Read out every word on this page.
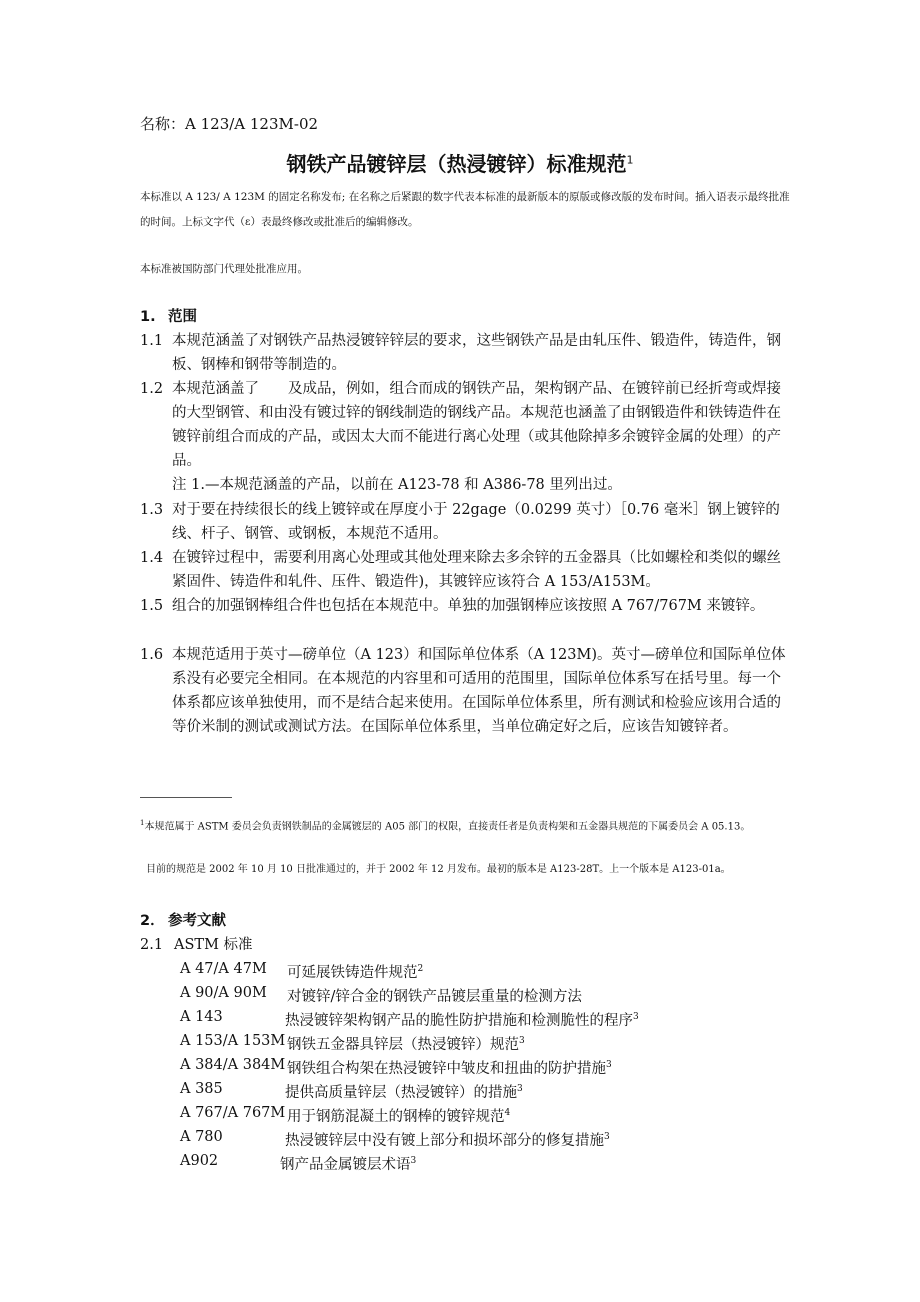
名称：A 123/A 123M-02
钢铁产品镀锌层（热浸镀锌）标准规范$^1$
本标准以 A 123/ A 123M 的固定名称发布; 在名称之后紧跟的数字代表本标准的最新版本的原版或修改版的发布时间。插入语表示最终批准的时间。上标文字代（ε）表最终修改或批准后的编辑修改。
本标准被国防部门代理处批准应用。
1. 范围
1.1 本规范涵盖了对钢铁产品热浸镀锌锌层的要求，这些钢铁产品是由轧压件、锻造件，铸造件，钢板、钢棒和钢带等制造的。
1.2 本规范涵盖了　　及成品，例如，组合而成的钢铁产品，架构钢产品、在镀锌前已经折弯或焊接的大型钢管、和由没有镀过锌的钢线制造的钢线产品。本规范也涵盖了由钢锻造件和铁铸造件在镀锌前组合而成的产品，或因太大而不能进行离心处理（或其他除掉多余镀锌金属的处理）的产品。
注 1.—本规范涵盖的产品，以前在 A123-78 和 A386-78 里列出过。
1.3 对于要在持续很长的线上镀锌或在厚度小于 22gage（0.0299 英寸）［0.76 毫米］钢上镀锌的线、杆子、钢管、或钢板，本规范不适用。
1.4 在镀锌过程中，需要利用离心处理或其他处理来除去多余锌的五金器具（比如螺栓和类似的螺丝紧固件、铸造件和轧件、压件、锻造件)，其镀锌应该符合 A 153/A153M。
1.5 组合的加强钢棒组合件也包括在本规范中。单独的加强钢棒应该按照 A 767/767M 来镀锌。
1.6 本规范适用于英寸—磅单位（A 123）和国际单位体系（A 123M)。英寸—磅单位和国际单位体系没有必要完全相同。在本规范的内容里和可适用的范围里，国际单位体系写在括号里。每一个体系都应该单独使用，而不是结合起来使用。在国际单位体系里，所有测试和检验应该用合适的等价米制的测试或测试方法。在国际单位体系里，当单位确定好之后，应该告知镀锌者。
$^1$本规范属于 ASTM 委员会负责钢铁制品的金属镀层的 A05 部门的权限，直接责任者是负责构架和五金器具规范的下属委员会 A 05.13。
目前的规范是 2002 年 10 月 10 日批准通过的，并于 2002 年 12 月发布。最初的版本是 A123-28T。上一个版本是 A123-01a。
2． 参考文献
2.1 ASTM 标准
A 47/A 47M 可延展铁铸造件规范$^2$
A 90/A 90M 对镀锌/锌合金的钢铁产品镀层重量的检测方法
A 143	热浸镀锌架构钢产品的脆性防护措施和检测脆性的程序$^3$
A 153/A 153M 钢铁五金器具锌层（热浸镀锌）规范$^3$
A 384/A 384M 钢铁组合构架在热浸镀锌中皱皮和扭曲的防护措施$^3$
A 385	提供高质量锌层（热浸镀锌）的措施$^3$
A 767/A 767M 用于钢筋混凝土的钢棒的镀锌规范$^4$
A 780	热浸镀锌层中没有镀上部分和损坏部分的修复措施$^3$
A902	钢产品金属镀层术语$^3$
